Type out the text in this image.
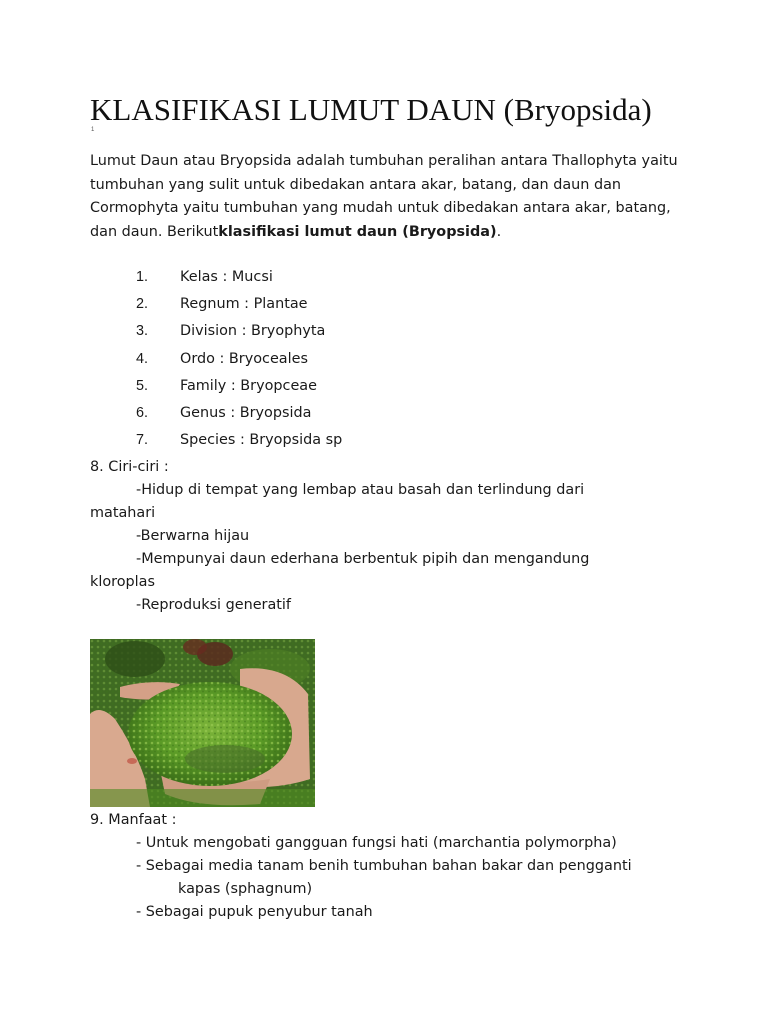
KLASIFIKASI LUMUT DAUN (Bryopsida)
1

Lumut Daun atau Bryopsida adalah tumbuhan peralihan antara Thallophyta yaitu tumbuhan yang sulit untuk dibedakan antara akar, batang, dan daun dan Cormophyta yaitu tumbuhan yang mudah untuk dibedakan antara akar, batang, dan daun. Berikutklasifikasi lumut daun (Bryopsida).

1. Kelas : Mucsi
2. Regnum : Plantae
3. Division : Bryophyta
4. Ordo : Bryoceales
5. Family : Bryopceae
6. Genus : Bryopsida
7. Species : Bryopsida sp
8. Ciri-ciri :
-Hidup di tempat yang lembap atau basah dan terlindung dari matahari
-Berwarna hijau
-Mempunyai daun ederhana berbentuk pipih dan mengandung kloroplas
-Reproduksi generatif
9. Manfaat :
- Untuk mengobati gangguan fungsi hati (marchantia polymorpha)
- Sebagai media tanam benih tumbuhan bahan bakar dan pengganti
kapas (sphagnum)
- Sebagai pupuk penyubur tanah
